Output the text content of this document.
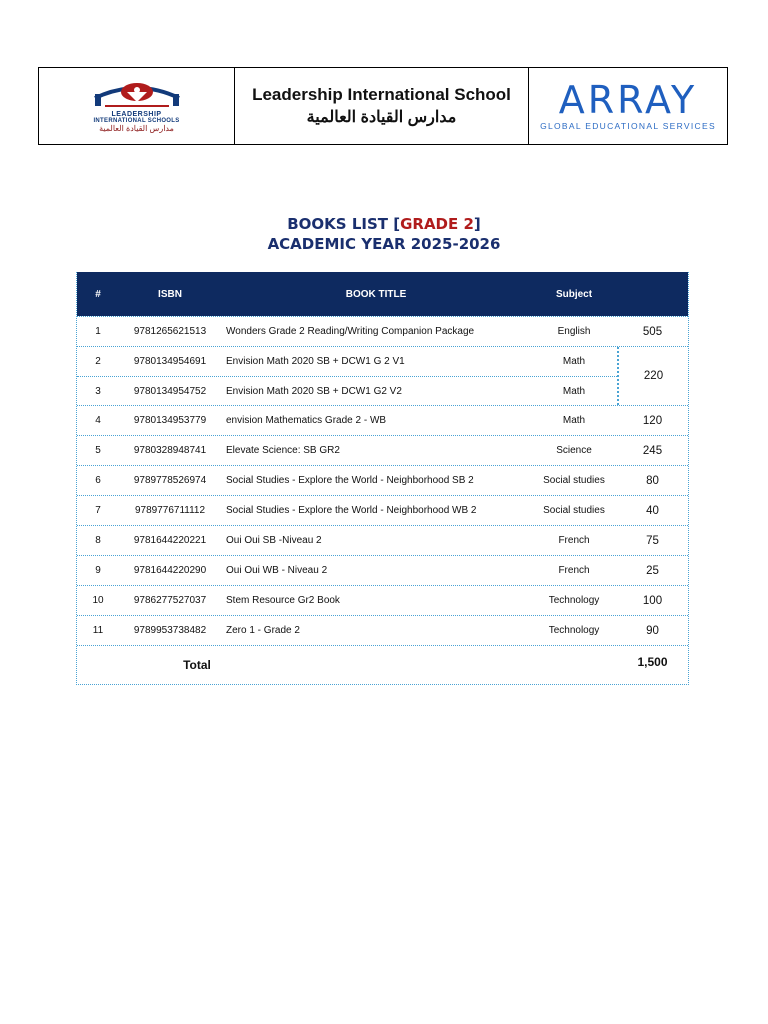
LEADERSHIP
INTERNATIONAL SCHOOLS
مدارس القيادة العالمية
Leadership International School
مدارس القيادة العالمية	ARRAY
GLOBAL EDUCATIONAL SERVICES
BOOKS LIST [GRADE 2]
ACADEMIC YEAR 2025-2026
#	ISBN	BOOK TITLE	Subject
1	9781265621513	Wonders Grade 2 Reading/Writing Companion Package	English	505
2	9780134954691	Envision Math 2020 SB + DCW1 G 2 V1	Math
3	9780134954752	Envision Math 2020 SB + DCW1 G2 V2	Math
220
4	9780134953779	envision Mathematics Grade 2 - WB	Math	120
5	9780328948741	Elevate Science: SB GR2	Science	245
6	9789778526974	Social Studies - Explore the World - Neighborhood SB 2	Social studies	80
7	9789776711112	Social Studies - Explore the World - Neighborhood WB 2	Social studies	40
8	9781644220221	Oui Oui SB -Niveau 2	French	75
9	9781644220290	Oui Oui WB - Niveau 2	French	25
10	9786277527037	Stem Resource Gr2 Book	Technology	100
11	9789953738482	Zero 1 - Grade 2	Technology	90
Total	1,500
